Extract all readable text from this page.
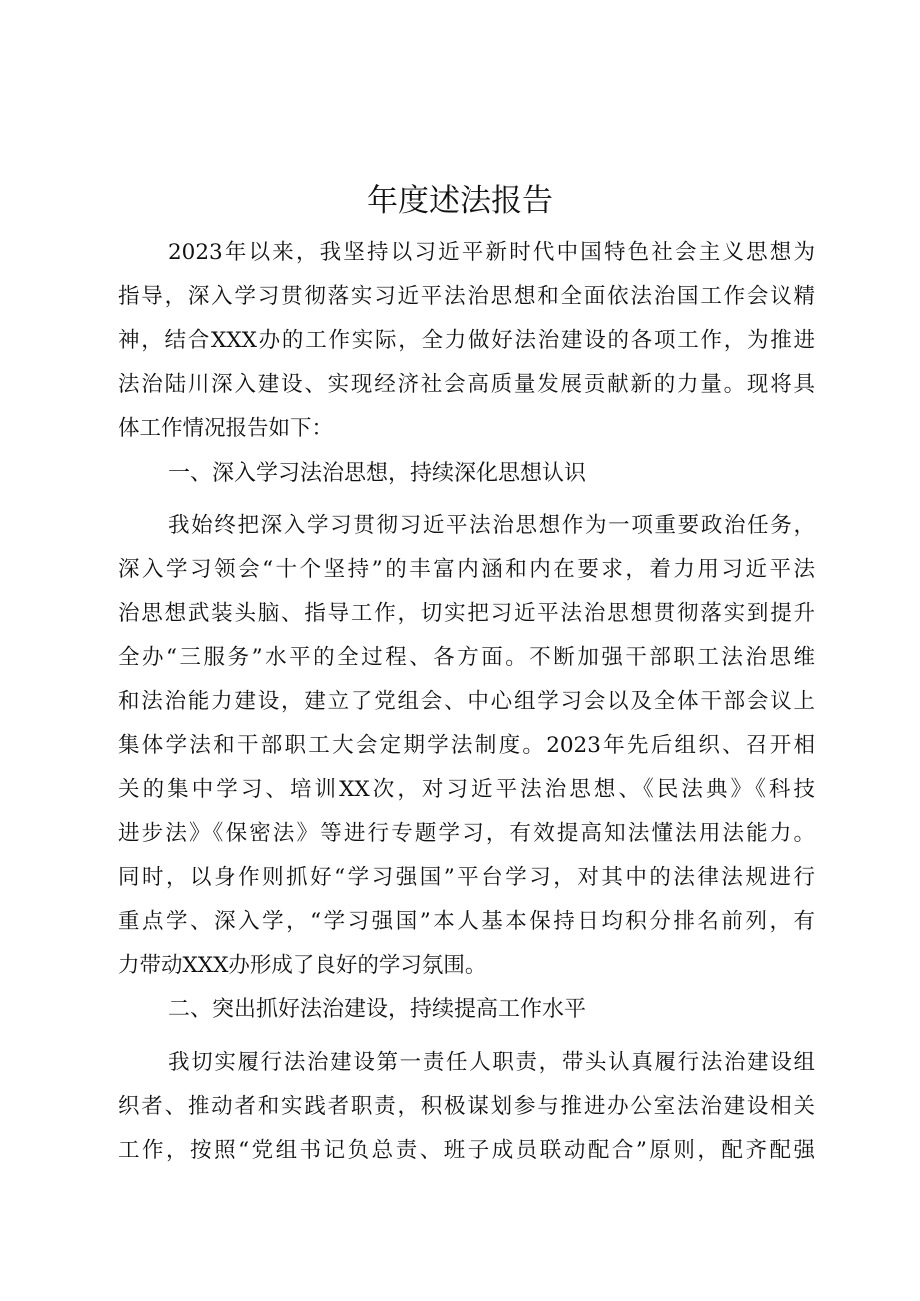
年度述法报告
2023年以来，我坚持以习近平新时代中国特色社会主义思想为
指导，深入学习贯彻落实习近平法治思想和全面依法治国工作会议精
神，结合XXX办的工作实际，全力做好法治建设的各项工作，为推进
法治陆川深入建设、实现经济社会高质量发展贡献新的力量。现将具
体工作情况报告如下：
一、深入学习法治思想，持续深化思想认识
我始终把深入学习贯彻习近平法治思想作为一项重要政治任务，
深入学习领会“十个坚持”的丰富内涵和内在要求，着力用习近平法
治思想武装头脑、指导工作，切实把习近平法治思想贯彻落实到提升
全办“三服务”水平的全过程、各方面。不断加强干部职工法治思维
和法治能力建设，建立了党组会、中心组学习会以及全体干部会议上
集体学法和干部职工大会定期学法制度。2023年先后组织、召开相
关的集中学习、培训XX次，对习近平法治思想、《民法典》《科技
进步法》《保密法》等进行专题学习，有效提高知法懂法用法能力。
同时，以身作则抓好“学习强国”平台学习，对其中的法律法规进行
重点学、深入学，“学习强国”本人基本保持日均积分排名前列，有
力带动XXX办形成了良好的学习氛围。
二、突出抓好法治建设，持续提高工作水平
我切实履行法治建设第一责任人职责，带头认真履行法治建设组
织者、推动者和实践者职责，积极谋划参与推进办公室法治建设相关
工作，按照“党组书记负总责、班子成员联动配合”原则，配齐配强
